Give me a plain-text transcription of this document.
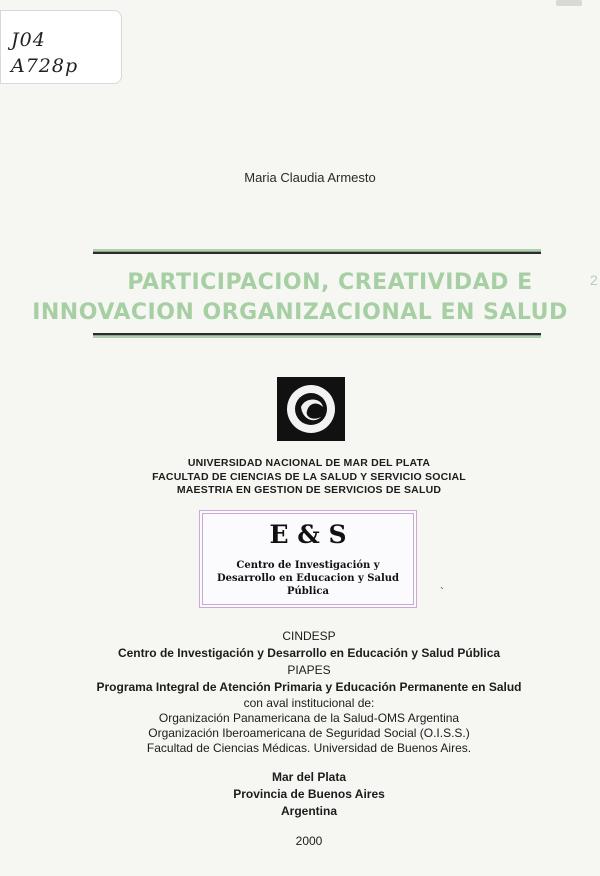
J04
A728p
Maria Claudia Armesto
PARTICIPACION, CREATIVIDAD E
INNOVACION ORGANIZACIONAL EN SALUD
2
UNIVERSIDAD NACIONAL DE MAR DEL PLATA
FACULTAD DE CIENCIAS DE LA SALUD Y SERVICIO SOCIAL
MAESTRIA EN GESTION DE SERVICIOS DE SALUD
E & S
Centro de Investigación y
Desarrollo en Educacion y Salud
Pública	`
CINDESP
Centro de Investigación y Desarrollo en Educación y Salud Pública
PIAPES
Programa Integral de Atención Primaria y Educación Permanente en Salud
con aval institucional de:
Organización Panamericana de la Salud-OMS Argentina
Organización Iberoamericana de Seguridad Social (O.I.S.S.)
Facultad de Ciencias Médicas. Universidad de Buenos Aires.
Mar del Plata
Provincia de Buenos Aires
Argentina
2000
